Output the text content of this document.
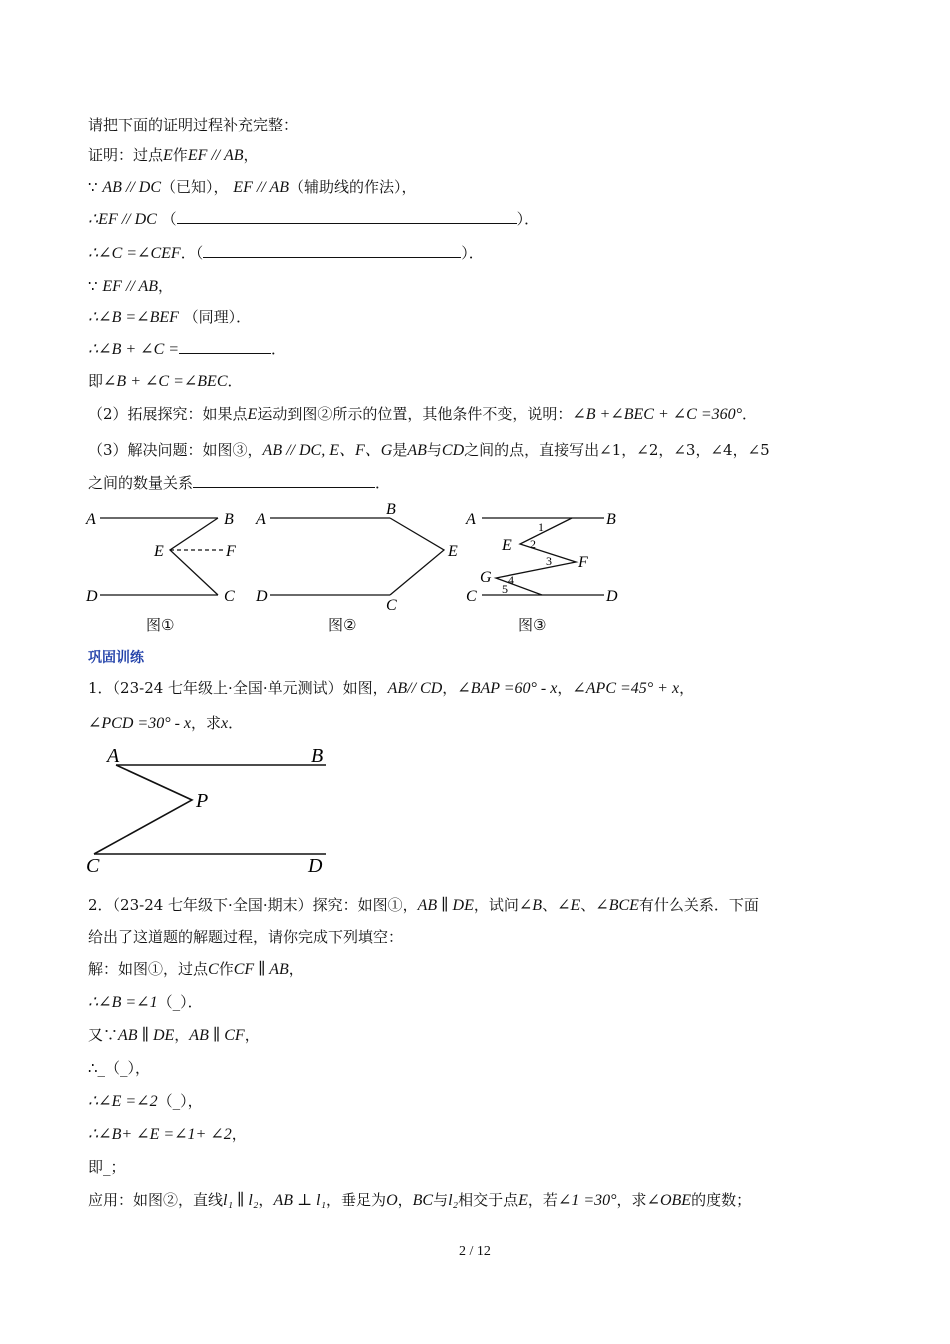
请把下面的证明过程补充完整：
证明：过点E作EF // AB，
∵ AB // DC（已知）， EF // AB（辅助线的作法），
∴EF // DC （	）．
∴∠C =∠CEF．（	）．
∵ EF // AB，
∴∠B =∠BEF （同理）．
∴∠B + ∠C =	．
即∠B + ∠C =∠BEC．
（2）拓展探究：如果点E运动到图②所示的位置，其他条件不变，说明：∠B +∠BEC + ∠C =360°．
（3）解决问题：如图③，AB // DC, E、F、G是AB与CD之间的点，直接写出∠1，∠2，∠3，∠4，∠5
之间的数量关系	．
A	B
E	F
D	C
A
B
E
D
C
A	B
E
F
G
C	D
1
2
3
4
5
图①	图②	图③
巩固训练
1．（23-24 七年级上·全国·单元测试）如图，AB// CD，∠BAP =60° - x，∠APC =45° + x，
∠PCD =30° - x，求x．
A	B
P
C	D
2．（23-24 七年级下·全国·期末）探究：如图①，AB ∥ DE，试问∠B、∠E、∠BCE有什么关系．下面
给出了这道题的解题过程，请你完成下列填空：
解：如图①，过点C作CF ∥ AB，
∴∠B =∠1（_）．
又∵AB ∥ DE，AB ∥ CF，
∴_（_），
∴∠E =∠2（_），
∴∠B+ ∠E =∠1+ ∠2，
即_；
应用：如图②，直线l₁ ∥ l₂，AB ⊥ l₁，垂足为O，BC与l₂相交于点E，若∠1 =30°，求∠OBE的度数；
2 / 12
